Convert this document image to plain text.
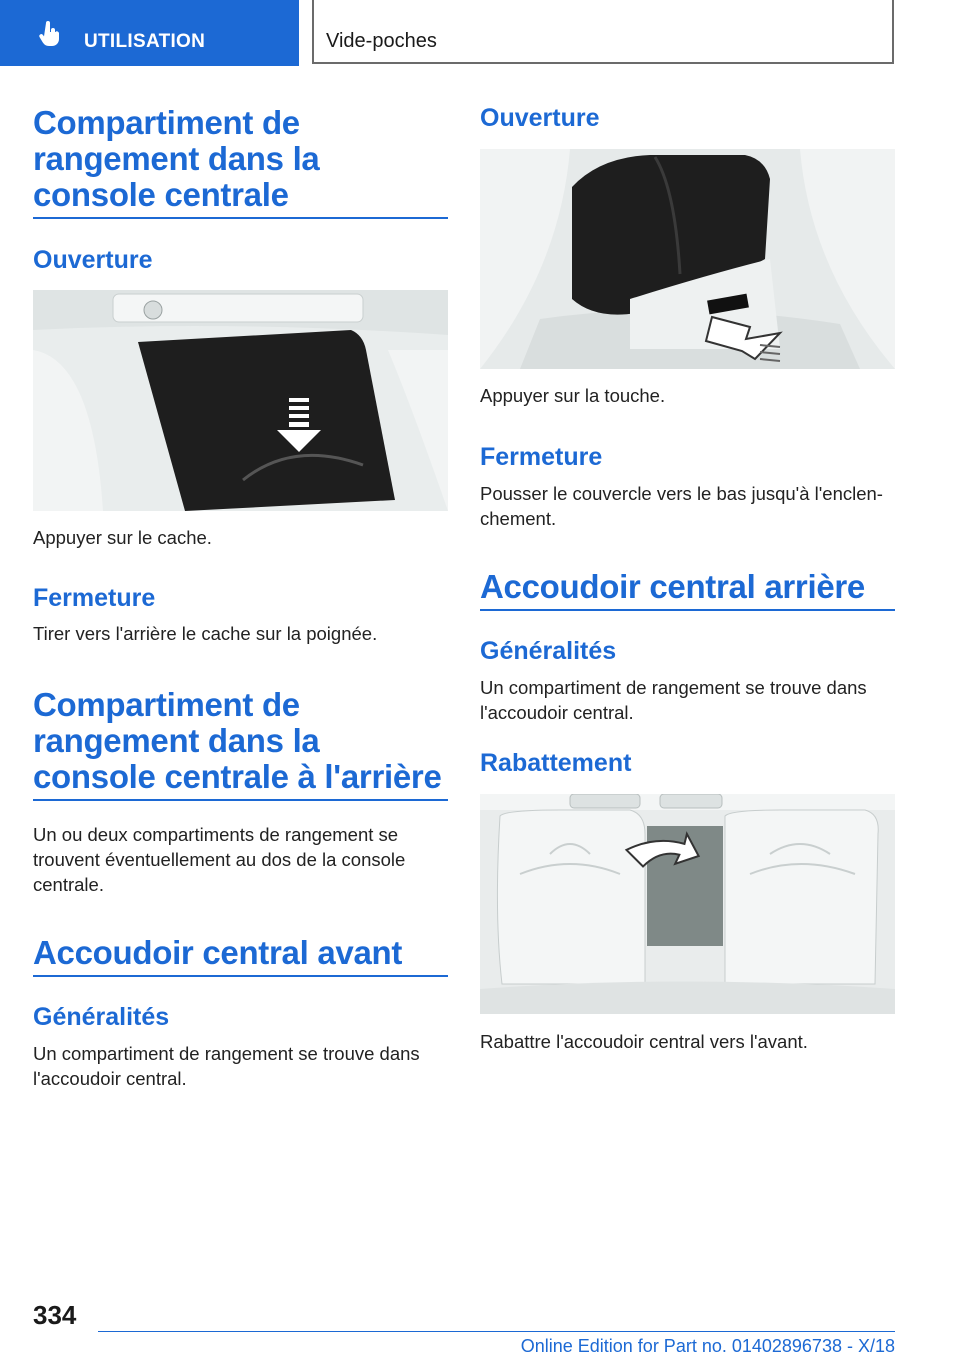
UTILISATION	Vide-poches
Compartiment de rangement dans la console centrale
Ouverture
Appuyer sur le cache.
Fermeture
Tirer vers l'arrière le cache sur la poignée.
Compartiment de rangement dans la console centrale à l'arrière
Un ou deux compartiments de rangement se trouvent éventuellement au dos de la console centrale.
Accoudoir central avant
Généralités
Un compartiment de rangement se trouve dans l'accoudoir central.
Ouverture
Appuyer sur la touche.
Fermeture
Pousser le couvercle vers le bas jusqu'à l'enclen-chement.
Accoudoir central arrière
Généralités
Un compartiment de rangement se trouve dans l'accoudoir central.
Rabattement
Rabattre l'accoudoir central vers l'avant.
334
Online Edition for Part no. 01402896738 - X/18
